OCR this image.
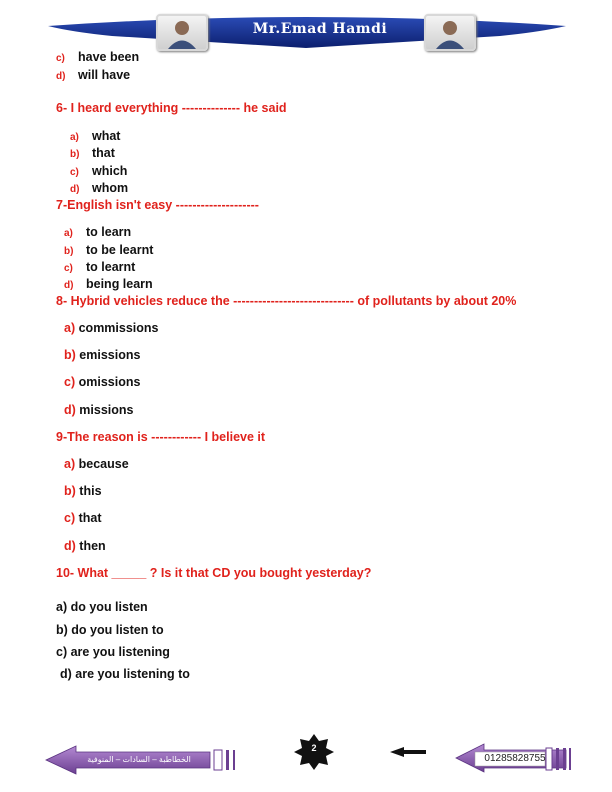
Mr.Emad Hamdi
c) have been
d) will have
6- I heard everything -------------- he said
a) what
b) that
c) which
d) whom
7-English isn't easy --------------------
a) to learn
b) to be learnt
c) to learnt
d) being learn
8- Hybrid vehicles reduce the ----------------------------- of pollutants by about 20%
a) commissions
b) emissions
c) omissions
d) missions
9-The reason is ------------ I believe it
a) because
b) this
c) that
d) then
10- What _____ ? Is it that CD you bought yesterday?
a) do you listen
b) do you listen to
c) are you listening
d) are you listening to
الخطاطبة – السادات – المنوفية
2
01285828755
